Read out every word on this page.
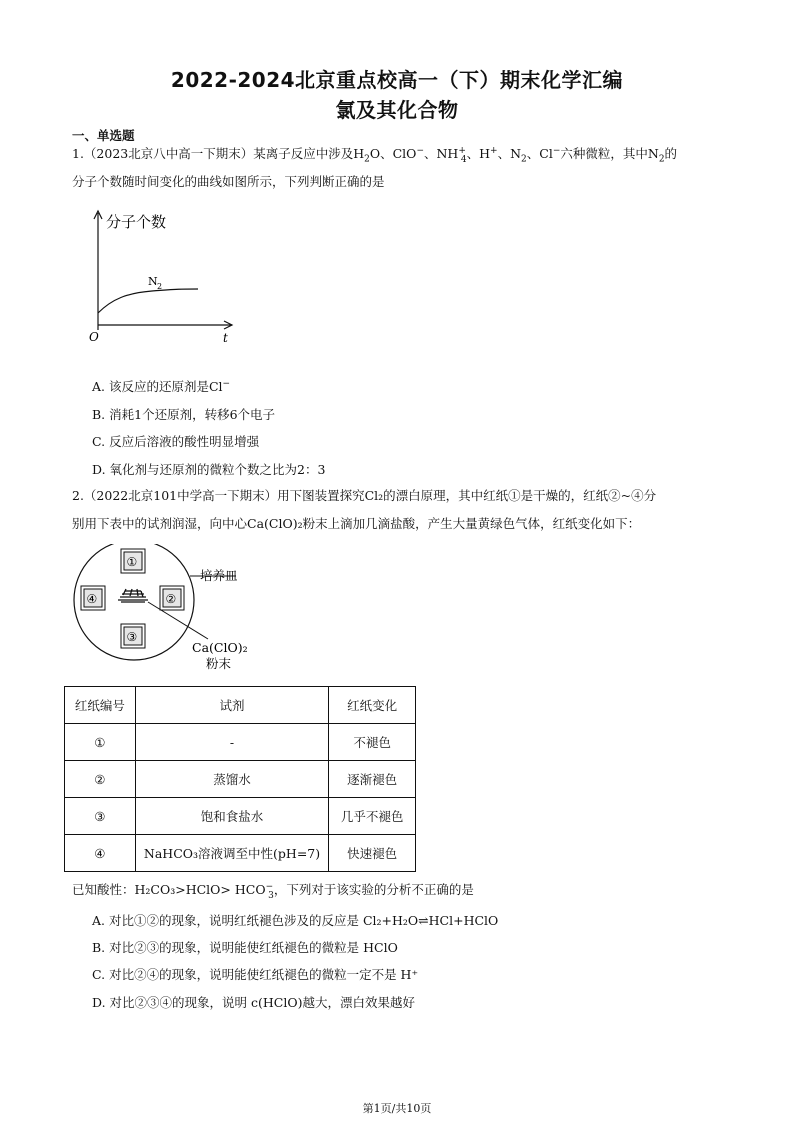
2022-2024北京重点校高一（下）期末化学汇编
氯及其化合物
一、单选题
1.（2023北京八中高一下期末）某离子反应中涉及$H_2O$、ClO−、$NH^+_4$、H+、$N_2$、Cl−六种微粒，其中$N_2$的
分子个数随时间变化的曲线如图所示，下列判断正确的是
分子个数
N 2
O	t
A. 该反应的还原剂是Cl−
B. 消耗1个还原剂，转移6个电子
C. 反应后溶液的酸性明显增强
D. 氧化剂与还原剂的微粒个数之比为2：3
2.（2022北京101中学高一下期末）用下图装置探究Cl₂的漂白原理，其中红纸①是干燥的，红纸②~④分
别用下表中的试剂润湿，向中心Ca(ClO)₂粉末上滴加几滴盐酸，产生大量黄绿色气体，红纸变化如下：
①
④	②
③
培养皿
Ca(ClO)₂
粉末
红纸编号	试剂	红纸变化
①	-	不褪色
②	蒸馏水	逐渐褪色
③	饱和食盐水	几乎不褪色
④	NaHCO₃溶液调至中性(pH=7)	快速褪色
已知酸性：H₂CO₃>HClO> $HCO^-_3$，下列对于该实验的分析不正确的是
A. 对比①②的现象，说明红纸褪色涉及的反应是 Cl₂+H₂O⇌HCl+HClO
B. 对比②③的现象，说明能使红纸褪色的微粒是 HClO
C. 对比②④的现象，说明能使红纸褪色的微粒一定不是 H⁺
D. 对比②③④的现象，说明 c(HClO)越大，漂白效果越好
第1页/共10页
